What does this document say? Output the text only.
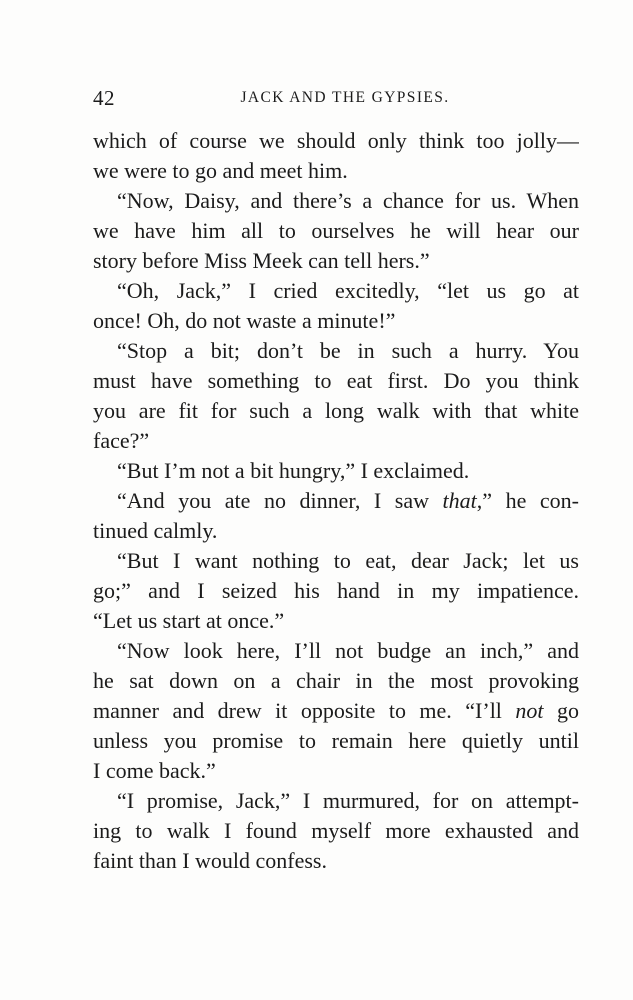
42	JACK AND THE GYPSIES.
which of course we should only think too jolly—
we were to go and meet him.
“Now, Daisy, and there’s a chance for us. When
we have him all to ourselves he will hear our
story before Miss Meek can tell hers.”
“Oh, Jack,” I cried excitedly, “let us go at
once! Oh, do not waste a minute!”
“Stop a bit; don’t be in such a hurry. You
must have something to eat first. Do you think
you are fit for such a long walk with that white
face?”
“But I’m not a bit hungry,” I exclaimed.
“And you ate no dinner, I saw that,” he con-
tinued calmly.
“But I want nothing to eat, dear Jack; let us
go;” and I seized his hand in my impatience.
“Let us start at once.”
“Now look here, I’ll not budge an inch,” and
he sat down on a chair in the most provoking
manner and drew it opposite to me. “I’ll not go
unless you promise to remain here quietly until
I come back.”
“I promise, Jack,” I murmured, for on attempt-
ing to walk I found myself more exhausted and
faint than I would confess.
